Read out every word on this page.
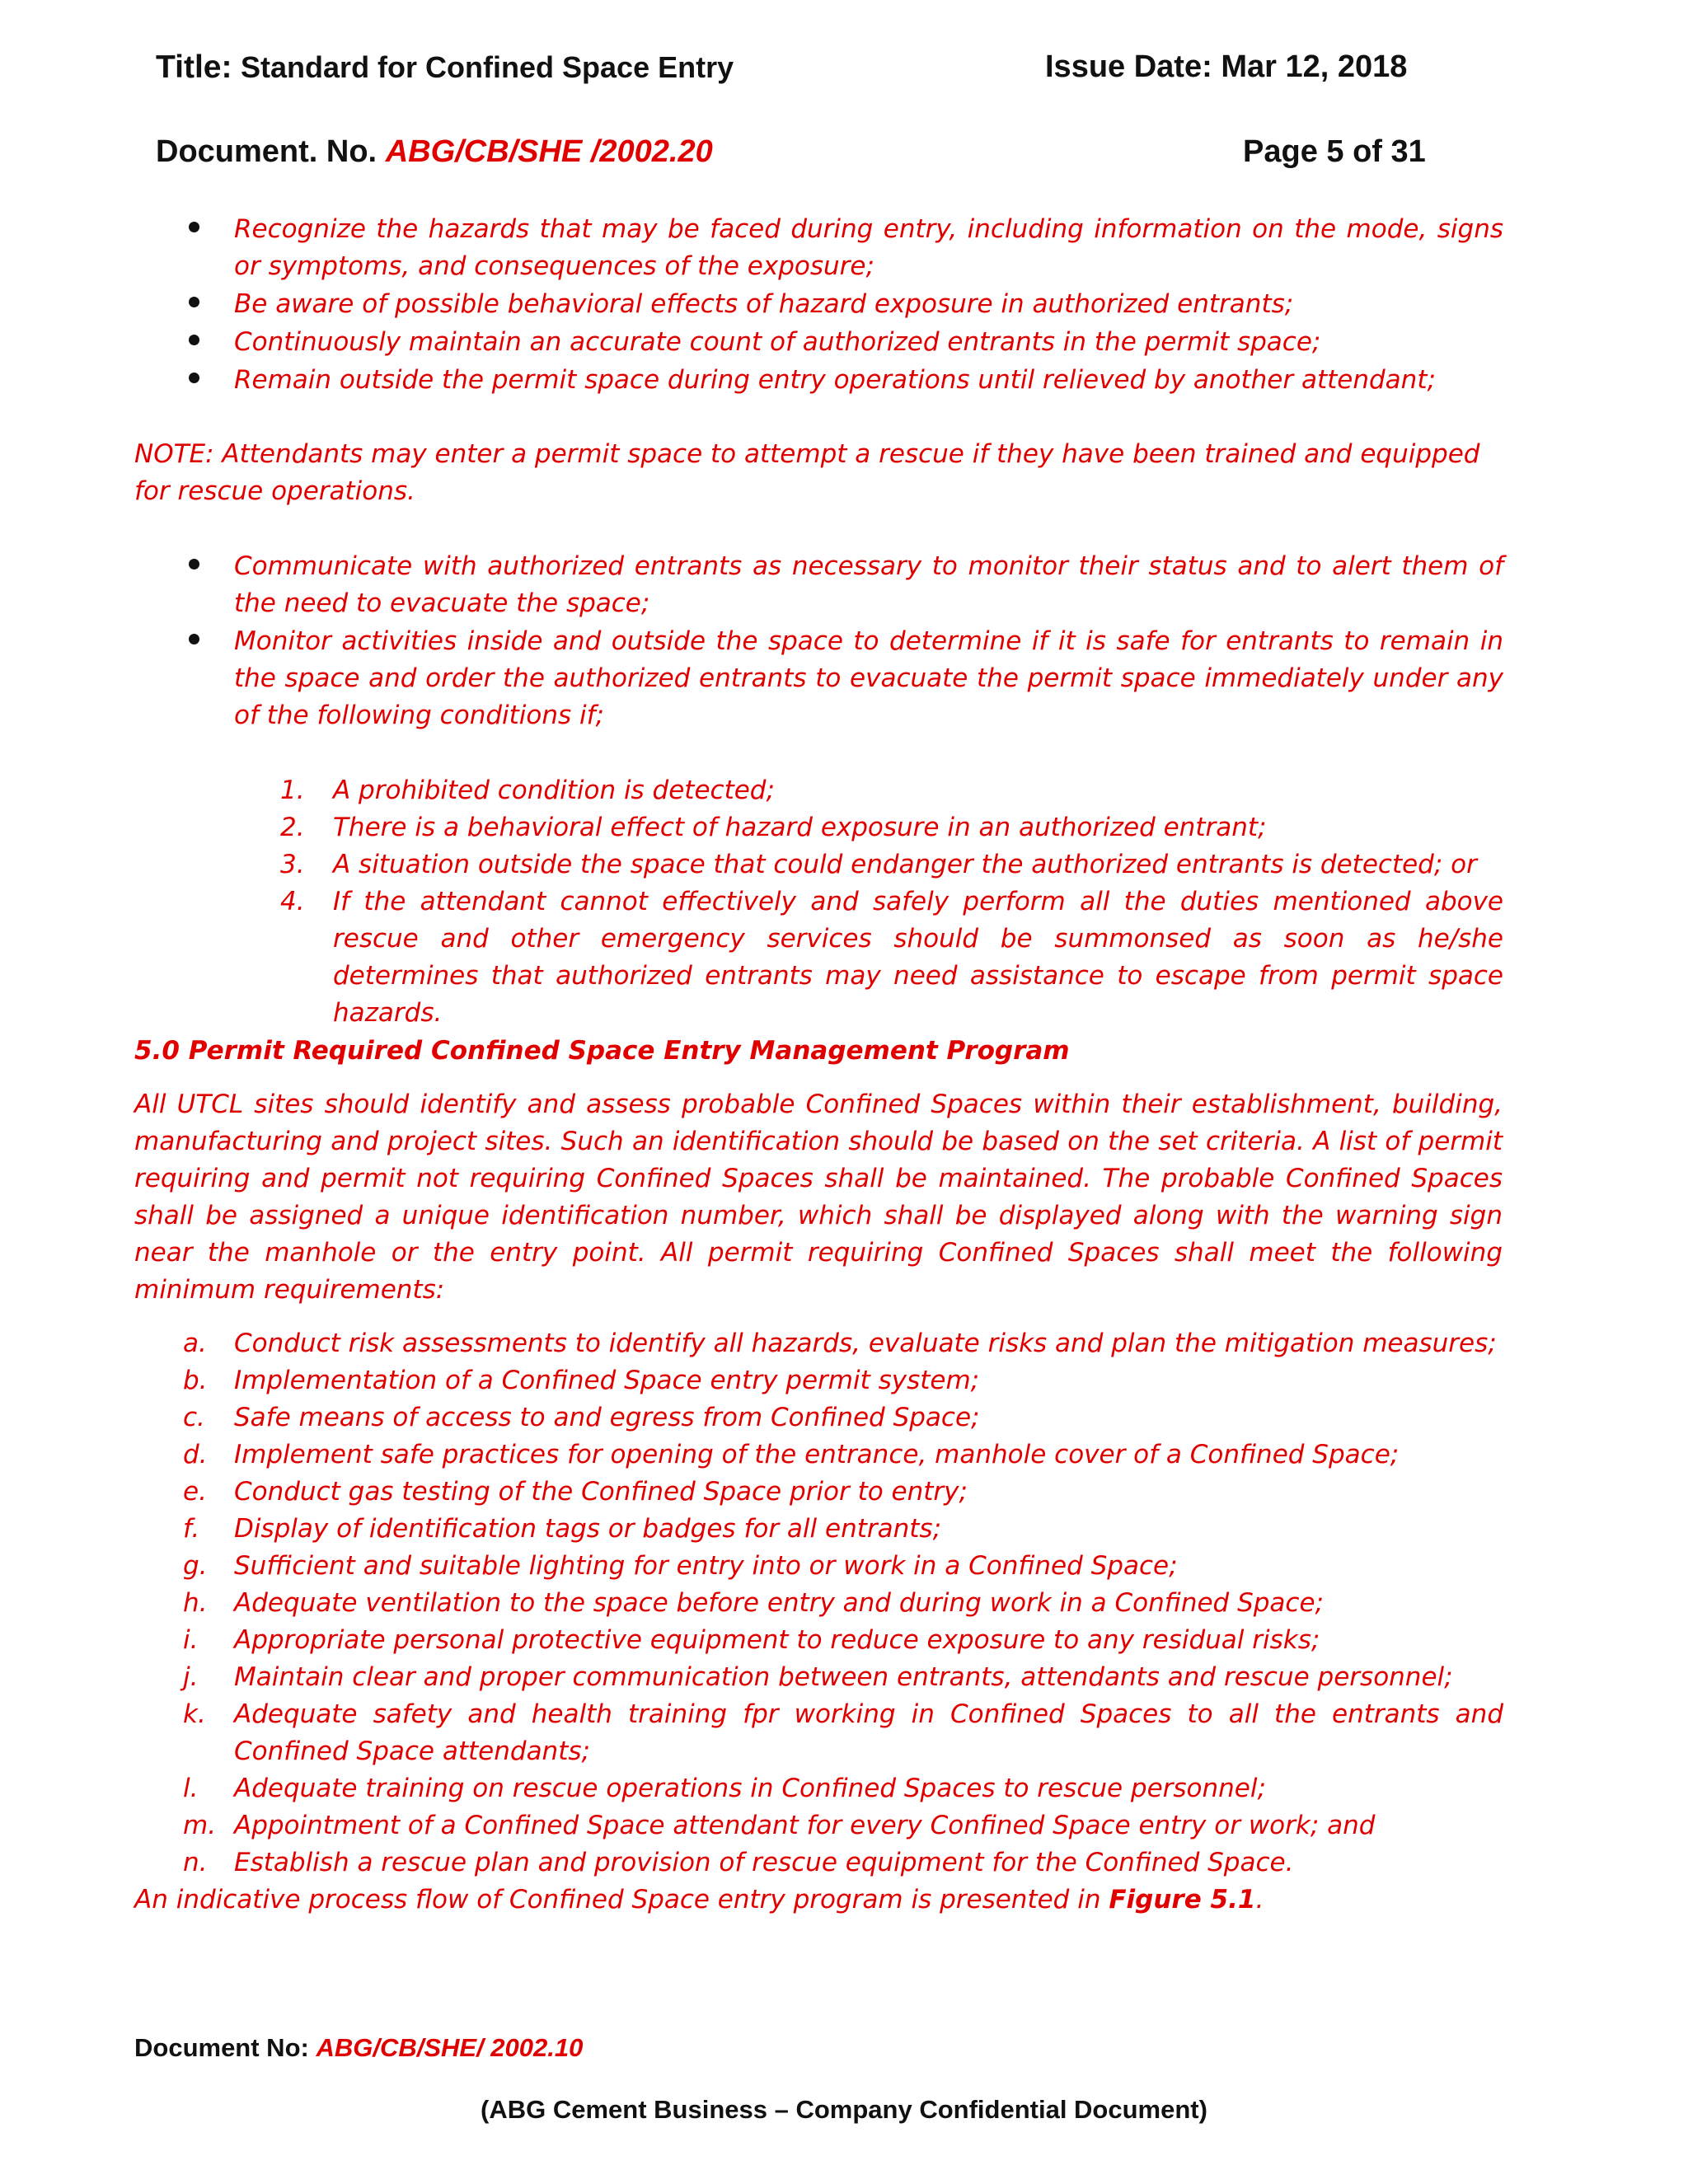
Title: Standard for Confined Space Entry	Issue Date: Mar 12, 2018
Document. No. ABG/CB/SHE /2002.20	Page 5 of 31
Recognize the hazards that may be faced during entry, including information on the mode, signs or symptoms, and consequences of the exposure;
Be aware of possible behavioral effects of hazard exposure in authorized entrants;
Continuously maintain an accurate count of authorized entrants in the permit space;
Remain outside the permit space during entry operations until relieved by another attendant;
NOTE: Attendants may enter a permit space to attempt a rescue if they have been trained and equipped for rescue operations.
Communicate with authorized entrants as necessary to monitor their status and to alert them of the need to evacuate the space;
Monitor activities inside and outside the space to determine if it is safe for entrants to remain in the space and order the authorized entrants to evacuate the permit space immediately under any of the following conditions if;
1. A prohibited condition is detected;
2. There is a behavioral effect of hazard exposure in an authorized entrant;
3. A situation outside the space that could endanger the authorized entrants is detected; or
4. If the attendant cannot effectively and safely perform all the duties mentioned above rescue and other emergency services should be summonsed as soon as he/she determines that authorized entrants may need assistance to escape from permit space hazards.
5.0 Permit Required Confined Space Entry Management Program
All UTCL sites should identify and assess probable Confined Spaces within their establishment, building, manufacturing and project sites. Such an identification should be based on the set criteria. A list of permit requiring and permit not requiring Confined Spaces shall be maintained. The probable Confined Spaces shall be assigned a unique identification number, which shall be displayed along with the warning sign near the manhole or the entry point. All permit requiring Confined Spaces shall meet the following minimum requirements:
a. Conduct risk assessments to identify all hazards, evaluate risks and plan the mitigation measures;
b. Implementation of a Confined Space entry permit system;
c. Safe means of access to and egress from Confined Space;
d. Implement safe practices for opening of the entrance, manhole cover of a Confined Space;
e. Conduct gas testing of the Confined Space prior to entry;
f. Display of identification tags or badges for all entrants;
g. Sufficient and suitable lighting for entry into or work in a Confined Space;
h. Adequate ventilation to the space before entry and during work in a Confined Space;
i. Appropriate personal protective equipment to reduce exposure to any residual risks;
j. Maintain clear and proper communication between entrants, attendants and rescue personnel;
k. Adequate safety and health training fpr working in Confined Spaces to all the entrants and Confined Space attendants;
l. Adequate training on rescue operations in Confined Spaces to rescue personnel;
m. Appointment of a Confined Space attendant for every Confined Space entry or work; and
n. Establish a rescue plan and provision of rescue equipment for the Confined Space.
An indicative process flow of Confined Space entry program is presented in Figure 5.1.
Document No: ABG/CB/SHE/ 2002.10
(ABG Cement Business – Company Confidential Document)
